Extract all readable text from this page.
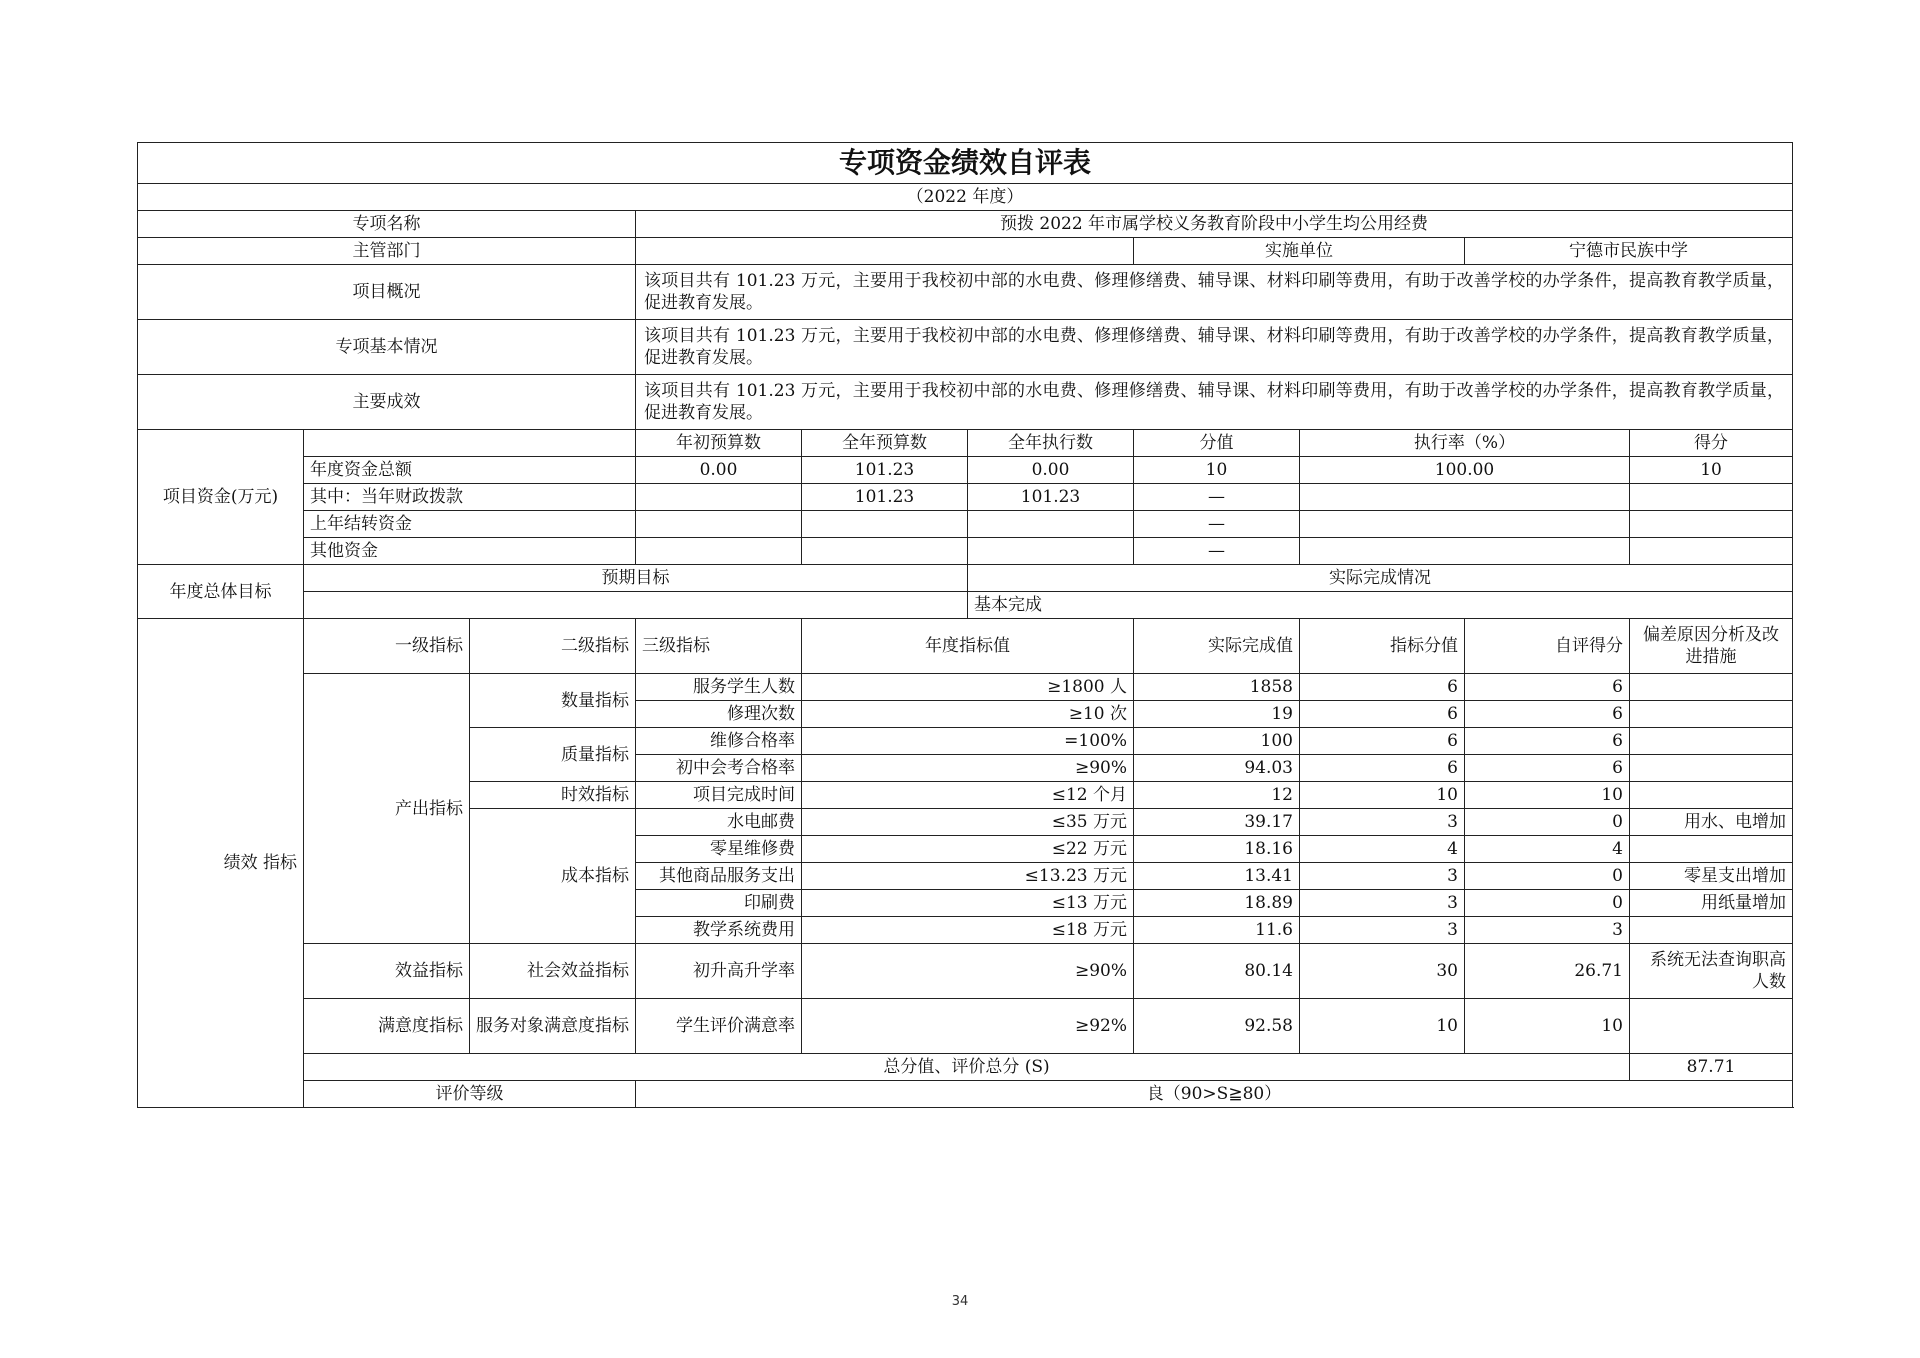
专项资金绩效自评表										
（2022 年度）										
专项名称			预拨 2022 年市属学校义务教育阶段中小学生均公用经费							
主管部门						实施单位		宁德市民族中学		
项目概况			该项目共有 101.23 万元，主要用于我校初中部的水电费、修理修缮费、辅导课、材料印刷等费用，有助于改善学校的办学条件，提高教育教学质量，促进教育发展。							
专项基本情况			该项目共有 101.23 万元，主要用于我校初中部的水电费、修理修缮费、辅导课、材料印刷等费用，有助于改善学校的办学条件，提高教育教学质量，促进教育发展。							
主要成效			该项目共有 101.23 万元，主要用于我校初中部的水电费、修理修缮费、辅导课、材料印刷等费用，有助于改善学校的办学条件，提高教育教学质量，促进教育发展。							
项目资金(万元)			年初预算数	全年预算数	全年执行数	分值	执行率（%）		得分	
	年度资金总额		0.00	101.23	0.00	10	100.00		10	
	其中：当年财政拨款			101.23	101.23	—				
	上年结转资金					—				
	其他资金					—				
年度总体目标	预期目标				实际完成情况					
					基本完成					
绩效 指标	一级指标	二级指标	三级指标	年度指标值		实际完成值	指标分值	自评得分	偏差原因分析及改进措施	
	产出指标	数量指标	服务学生人数	≥1800 人		1858	6	6		
			修理次数	≥10 次		19	6	6		
		质量指标	维修合格率	=100%		100	6	6		
			初中会考合格率	≥90%		94.03	6	6		
		时效指标	项目完成时间	≤12 个月		12	10	10		
		成本指标	水电邮费	≤35 万元		39.17	3	0	用水、电增加	
			零星维修费	≤22 万元		18.16	4	4		
			其他商品服务支出	≤13.23 万元		13.41	3	0	零星支出增加	
			印刷费	≤13 万元		18.89	3	0	用纸量增加	
			教学系统费用	≤18 万元		11.6	3	3		
	效益指标	社会效益指标	初升高升学率	≥90%		80.14	30	26.71	系统无法查询职高人数	
	满意度指标	服务对象满意度指标	学生评价满意率	≥92%		92.58	10	10		
	总分值、评价总分 (S)								87.71	
	评价等级		良（90>S≧80）							
34
